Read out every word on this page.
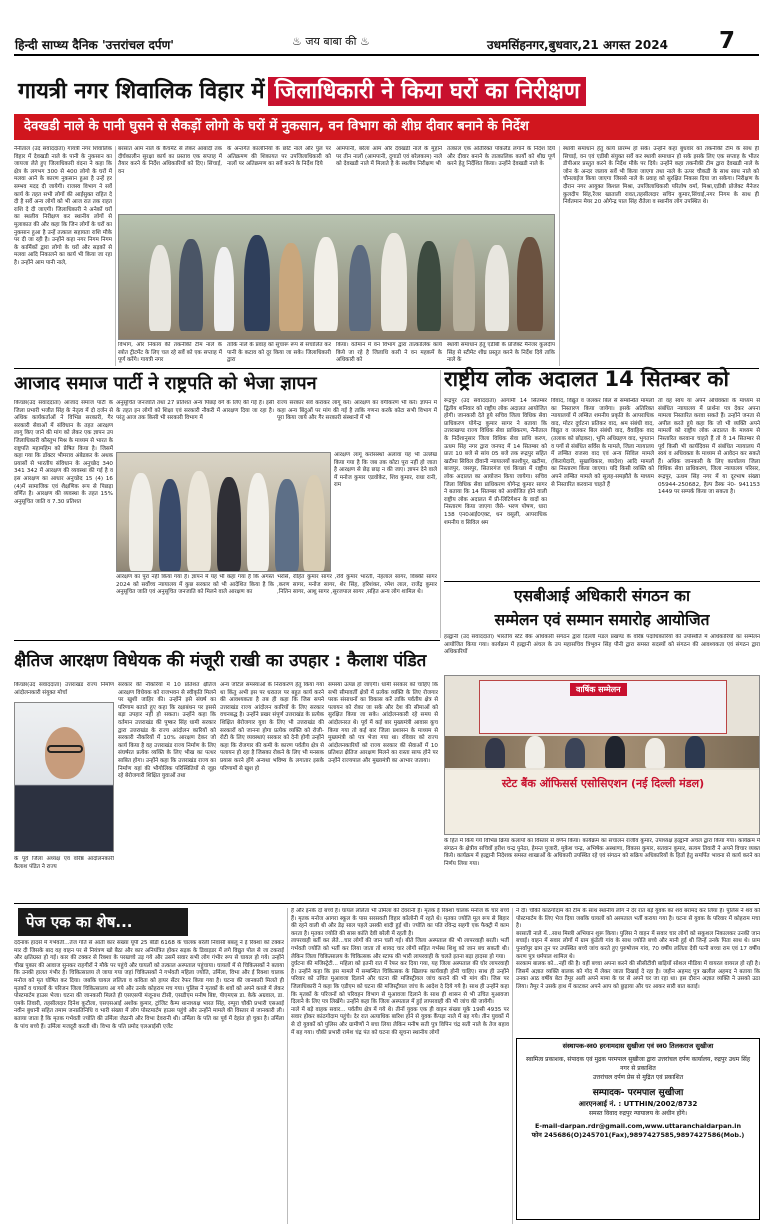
हिन्दी साप्ध्य दैनिक 'उत्तरांचल दर्पण'	♨ जय बाबा की ♨	उधमसिंहनगर,बुधवार,21 अगस्त 2024 7
गायत्री नगर शिवालिक विहार में जिलाधिकारी ने किया घरों का निरीक्षण
देवखडी नाले के पानी घुसने से सैकड़ों लोगो के घरों में नुकसान, वन विभाग को शीघ्र दीवार बनाने के निर्देश
नैनीताल (उद संवाददाता) गायत्री नगर शिवालिक विहार में देवखडी नाले के पानी के नुकसान का जायजा लेते हुए जिलाधिकारी वंदना ने कहा कि क्षेत्र के लगभग 300 से 400 लोगो के घरों में मलवा आने के कारण नुकसान हुआ है उन्हें हर सम्भव मदद दी जायेगी। राजस्व विभाग ने सर्वे कार्य के तहत सभी लोगों की आईसुक्त राहित दे दी है सर्वे अन्य लोगों को भी आज रात तक राहत राशि दे दी जाएगी। जिलाधिकारी ने अनेकों घरों का स्थलीय निरीक्षण कर स्थानीय लोगों से मुलाकात की और कहा कि जिन लोगों के घरों का नुकसान हुआ है उन्हें तत्काल सहायता राशि मौके पर दी जा रही है। उन्होंने कहा नगर निगम निगम के कार्मिकों द्वारा लोगो के घरों और सड़कों से मलवा आदि निकालने का कार्य भी किया जा रहा है। उन्होंने आम पानी नाले,
बरसात आम नाले के कैचमेंट से लेकर आबादी तक दीर्घकालीन सुरक्षा कार्य का प्रस्ताव एक सप्ताह में तैयार करने के निर्देश अधिकारियों को दिए। सिंचाई, वन
के अन्तर्गत कालोनियों के छोटे नाले और पुल पर अतिक्रमण की शिकायत पर उपजिलाधिकारी को नालों पर अतिक्रमण का सर्वे करने के निर्देश दिये
आमपानी, बरेला आम और देवखडी नाले के मुहाने पर तीन नालों (आमपानी, दुगाडो एवं बरेलकाम) नाले को देवखडी नाले में मिलाते है के स्थलीय निरीक्षण भी
तत्काल एक अतिरिक्त पोकलैंड लगाने के निर्देश दिये और दीवार बनाने के तात्कालिक कार्यों को शीघ्र पूर्ण करने हेतु निर्देशित किया। उन्होंने देवखडी नाले के
स्थायी समाधान हेतु कार्य प्रारम्भ हो सके। उन्होंने कहा बुधवार को तकनीकी टीम के साथ ही सिचाई, वन एवं एडीबी संयुक्त सर्वे कर स्थायी समाधान हो सके इसके लिए एक सप्ताह के भीतर डीपीआर प्रस्तुत करने के निर्देश मौके पर दिये। उन्होंने कहा तकनीकी टीम द्वारा देवखडी नाले के जोन के अन्दर जलाय सर्वे भी किया जाएगा तथा नाले के ऊपर चौकडी के साथ साथ नाले को चौनलाईज किया जाएगा जिससे नाले के प्रवाह को सुरक्षित निकास दिया जा सकेगा। निरीक्षण के दौरान नगर आयुक्त किशल मिश्रा, उपजिलाधिकारी परितोष वर्मा, मिश्रा,एडीबी प्रोजेक्ट मैनेजर कुलदीप सिंह,रेंजर खाताली रावत,तहसीलदार सचिन कुमार,सिंचाई,नगर निगम के साथ ही निर्वतमान मेयर 20 ओगेन्द्र पाल सिंह रौतेला व स्थानीय लोग उपस्थित थे।
विभाग, और निकाय की तकनीकी टीम नाले के स्त्रोत ट्रीटमेंट के लिए चल रहे सर्वे को एक सप्ताह में पूर्ण करेंगे। गायत्री नगर
तांकि नाले के प्रवाह को सुचारू रूप से संचालित कर पानी के कटाव को दूर किया जा सके। जिलाधिकारी द्वारा
किया। वर्तमान में वन विभाग द्वारा तात्कालिक कार्य किये जा रहे है जिलाधि कारी ने वन महकमें के अधिकारी को
स्थायी समाधान हेतु एडीबी के प्रोजेक्ट मैनेजर कुलदीप सिंह से स्टीमेट शीघ्र प्रस्तुत करने के निर्देश दिये ताकि नाले के
आजाद समाज पार्टी ने राष्ट्रपति को भेजा ज्ञापन
किच्छा(उद संवाददाता) आजाद समाज पार्टी के जिला प्रभारी भजीत सिंह के नेतृत्व में दो दर्जन से अधिक कार्यकर्ताओं ने विभिन्न सरकारी, गैर सरकारी सेवाओं में संविधान के तहत आरक्षण लागू किए जाने की मांग को लेकर एक ज्ञापन उप जिलाधिकारी कौस्तुभ मिश्र के माध्यम से भारत के राष्ट्रपति महामहिम को प्रेषित किया है। जिसमें कहा गया कि डॉक्टर भीमराव अंबेडकर के अथक प्रयासों से भारतीय संविधान के अनुच्छेद 340 341 342 में आरक्षण की व्यवस्था की गई है व इस आरक्षण का आधार अनुच्छेद 15 (4) 16 (4)में सामाजिक एवं शैक्षणिक रूप से पिछड़ा वर्णित है। आरक्षण की व्यवस्था के तहत 15% अनुसूचित जाति व 7.30 प्रतिशत
अनुसूचित जनजाति तथा 27 प्रतिशत अन्य पिछड़े वर्ग के लिए की गई है। इसी के तहत इन लोगों को शिक्षा एवं सरकारी नौकरी में आरक्षण दिया जा रहा है। परंतु आज तक किसी भी सरकारी विभाग में
आरक्षण का पूरा नहीं किया गया है। ज्ञापन में यह भी कहा गया है कि अगस्त 2024 को सर्वोच्च न्यायालय में कुछ सरकार को भी आदेशित किया है कि अनुसूचित जाति एवं अनुसूचित जनजाति को मिलने वाले आरक्षण का
राज्य सरकार सर्वे कराकर लागू करें। आरक्षण का वर्गीकरण भी करें। ज्ञापन में कहा अन्य बिंदुओं पर मांग की गई है ताकि गणना करके कोटा सभी विभाग में पूरा किया जाये और गैर सरकारी संस्थानों में भी
आरक्षण लागू करोसंस्थों अलावा यह भी उल्लेख किया गया है कि जब तक कोटा पूरा नहीं हो जाता है आरक्षण से छेड़ छाड़ न की जाए। ज्ञापन देने वाले में मनोज कुमार एडवोकेट, शिव कुमार, राधा रानी, राम
भरोसे, रोहित कुमार सागर ,रवि कुमार भारती, नेहलाल सागर, विक्की सागर ,करण सागर, मनोज सागर, शेर सिंह, हरिशंकर, रमेश लाल, राजेंद्र कुमार ,नितिन सागर, आशु सागर ,सूरजपाल सागर ,सहित अन्य लोग शामिल थे।
राष्ट्रीय लोक अदालत 14 सितम्बर को
रूद्रपुर (उद संवाददाता) आगामी 14 सितम्बर द्वितीय शनिवार को राष्ट्रीय लोक अदालत आयोजित होगी। जानकारी देते हुये सचिव जिला विधिक सेवा प्राधिकरण योगेन्द्र कुमार सागर ने बताया कि उत्तराखण्ड राज्य विधिक सेवा प्राधिकरण, नैनीताल के निर्देशानुसार जिला विधिक सेवा प्राधि करण, ऊधम सिंह नगर द्वारा जनपद में 14 सितम्बर को प्रातः 10 बजे से सांय 05 बजे तक रूद्रपुर सहित खटीमा सिविल दीवानी न्यायालयों काशीपुर, खटीमा, बाजपुर, जसपुर, सितारगंज एवं किच्छा में राष्ट्रीय लोक अदालत का आयोजन किया जायेगा। सचिव जिला विधिक सेवा प्राधिकरण योगेन्द्र कुमार सागर ने बताया कि 14 सितम्बर को आयोजित होने वाली राष्ट्रीय लोक अदालत में प्री-लिटिगेशन के वादों का निस्तारण किया जाएगा जैसे- भरण पोषण, धारा 138 एन0आई0एक्ट, धन वसूली, आपराधिक शमनीय व सिविल श्रम
विवाद, विद्युत व जलकर बिल से सम्बन्धित मामलों का निस्तारण किया जायेगा। इसके अतिरिक्त न्यायालयों में लम्बित शमनीय प्रकृति के आपराधिक वाद, मोटर दुर्घटना प्रतिकर वाद, श्रम संबंधी वाद, विद्युत व जलकर बिल संबंधी वाद, वैवाहिक वाद (तलाक को छोड़कर), भूमि अधिग्रहण वाद, भुगतान व पगों से संबंधित सर्विस के मामले, जिला न्यायालय में लम्बित राजस्व वाद एवं अन्य सिविल मामले (किरायेदारी, सुखाधिकार, व्यादेश) आदि मामलों का निस्तारण किया जाएगा। यदि किसी व्यक्ति को अपने लम्बित मामले को सुलह-समझौते के माध्यम से निस्तारित करवाना चाहते हैं
तो वह स्वयं या अपने अधिवक्ता के माध्यम से संबंधित न्यायालय में प्रार्थना पत्र देकर अपना मामला निस्तारित करवा सकते हैं। उन्होंने जनता से अपील करते हुये कहा कि जो भी व्यक्ति अपने मामलों को राष्ट्रीय लोक अदालत के माध्यम से निस्तारित करवाना चाहते हैं तो वे 14 सितम्बर से पूर्व किसी भी कार्यदिवस में संबंधित न्यायालय में स्वयं व अधिवक्ता के माध्यम से आवेदन कर सकते हैं। अधिक जानकारी के लिए कार्यालय जिला विधिक सेवा प्राधिकरण, जिला न्यायालय परिसर, रूद्रपुर, ऊधम सिंह नगर में या दूरभाष संख्या 05944-250682, हैल्प डैस्क नं0- 941153 1449 पर सम्पर्क किया जा सकता है।
एसबीआई अधिकारी संगठन का
सम्मेलन एवं सम्मान समारोह आयोजित
हल्द्वानी (उद संवाददाता) भारतीय स्टेट बैंक अधिकारी संगठन द्वारा दिल्ली मंडल प्रखण्ड के वरिष्ठ पदाधिकारियों की उपस्थिति में अधिकारियों का सम्मेलन आयोजित किया गया। कार्यक्रम में हल्द्वानी अंचल के उप महासचिव त्रिभुवन सिंह पौनी द्वारा समस्त सदस्यों को संगठन की आवश्यकता एवं संगठन द्वारा अधिकारियों
वार्षिक सम्मेलन
स्टेट बैंक ऑफिसर्स एसोसिएशन (नई दिल्ली मंडल)
के हित में किये गये विभिन्न क्रिया कलापों का विस्तार से वर्णन किया। कार्यक्रम का संचालन राजीव कुमार, उपाध्यक्ष हल्द्वानी अंचल द्वारा किया गया। कार्यक्रम में संगठन के क्षेत्रीय सचिवों हरीश चन्द्र पुनेठा, हेमन्त पुजारी, मुकेश चन्द्र, अभिषेक अस्थाणा, विकास कुमार, सतवान कुमार, सत्यम तिवारी ने अपने विचार व्यक्त किये। कार्यक्रम में हल्द्वानी निदेशक समस्त शाखाओं के अधिकारी उपस्थित रहे एवं संगठन को सक्रिय अधिकारियों के हितों हेतु समर्पित भावना से कार्य करने का निर्णय लिया गया।
क्षैतिज आरक्षण विधेयक की मंजूरी राखी का उपहार : कैलाश पंडित
किच्छा(उद संवाददाता) उत्तराखंड राज्य निर्माण आंदोलनकारी संयुक्त मोर्चा
के पूर्व जिला अध्यक्ष एवं वरिष्ठ आंदोलनकारी कैलाश पंडित ने राज्य
सरकार की नौकरियों में 10 प्रतिशत क्षैतिज आरक्षण विधेयक को राजभवन से स्वीकृति मिलने पर खुशी जाहिर की। उन्होंने इसे संघर्ष का परिणाम बताते हुए कहा कि रक्षाबंधन पर इससे बड़ा उपहार नहीं हो सकता। उन्होंने कहा कि वर्तमान उत्तराखंड की पुष्कर सिंह धामी सरकार द्वारा उत्तराखंड के राज्य आंदोलन कारियों को सरकारी नौकरियों में 10% आरक्षण देकर जो कार्य किया है वह उत्तराखंड राज्य निर्माण के लिए संघर्षरत प्रत्येक व्यक्ति के लिए भीख का पत्थर साबित होगा। उन्होंने कहा कि उत्तराखंड राज्य का निर्माण यहां की भौगोलिक परिस्थितियों से जूझ रहे बेरोजगारी शिक्षित युवाओं तथा
अन्य जटिल समस्याओं के निराकरण हेतु किया गया था किंतु अभी इस पर धरातल पर बहुत कार्य करने की आवश्यकता है तब ही कहा कि जिस सपने उत्तराखंड राज्य आंदोलन कारियों के लिए सरकार वचनबद्ध है। उन्होंने प्रखर संपूर्ण उत्तराखंड के प्रत्येक शिक्षित बेरोजगार युवा के लिए भी उत्तराखंड की सरकारों को जानना होगा प्रत्येक व्यक्ति को रोजी-रोटी के लिए व्यवस्थाएं सरकार को देनी होगी उन्होंने कहा कि रोजगार की कमी के कारण पर्वतीय क्षेत्र से पलायन हो रहा है जिसका रोकने के लिए भी मनसक प्रयास करने होंगे अन्यथा भविष्य के लगातार इसके परिणामों से खुश हो
समस्या उत्पन्न हो जाएगी। धामी सरकार को चाहिए कि सभी सीमावर्ती क्षेत्रों में प्रत्येक व्यक्ति के लिए रोजगार परक संसाधनों का विकास करें ताकि पर्वतीय क्षेत्र से पलायन को रोका जा सके और देश की सीमाओं को सुरक्षित किया जा सके। आंदोलनकारी रहे समय से आंदोलनरत थे। पूर्व में कई बार मुख्यमंत्री आवास कूच किया गया तो कई बार जिला प्रशासन के माध्यम से मुख्यमंत्री को पत्र भेजा गया था। रविवार को राज्य आंदोलनकारियों को राज्य सरकार की सेवाओं में 10 प्रतिशत क्षैतिज आरक्षण मिलने का रास्ता साफ होने पर उन्होंने राज्यपाल और मुख्यमंत्री का आभार जताया।
पेज एक का शेष...
दर्दनाक हादसे में गर्भवती...तेज गति से आती कार संख्या यूपी 25 बीडी 6168 के चालक बरेली निवासी बबलू ने ई रिक्शा को टक्कर मार दी जिसके बाद वह वाहन पर से नियंत्रण खो बैठा और कार अनियंत्रित होकर सड़क के डिवाइडर में लगे विद्युत पोल से जा टकराई और क्षतिग्रस्त हो गई। कार की टक्कर से रिक्शा के परखच्चे उड़ गये और उसमें सवार सभी लोग गंभीर रूप से घायल हो गये। उन्होंने चीख पुकार की आवाज सुनकर राहगीरों ने मौके पर पहुंचे और घायलों को तत्काल अस्पताल पहुंचाया। घायलों में से चिकित्सकों ने बताया कि उनकी हालत गंभीर है। चिकित्सालय ले जाया गया जहां चिकित्सकों ने गर्भवती महिला ज्योति, उर्मिला, विभा और ई रिक्शा चालक मनोज को मृत घोषित कर दिया। जबकि घायल ललिता व कविता को हायर सेंटर रेफर किया गया है। घटना की जानकारी मिलते ही मृतकों व घायलों के परिजन जिला चिकित्सालय आ गये और उनके कोहराम मच गया। पुलिस ने मृतकों के शवों को अपने कब्जे में लेकर पोस्टमार्टम हाउस भेजा। घटना की जानकारी मिलते ही एसएसपी मंजूनाथ टीसी, एसडीएम मनीष बिष्ट, पीएमएस डा. केके अग्रवाल, डा. एमके तिवारी, तहसीलदार दिनेश कुटौला, एसएसआई अशोक कुमार, ट्रांजिट कैम्प थानाध्यक्ष भारत सिंह, रम्पुरा चौकी प्रभारी एसआई नवीन बुधानी सहित तमाम जनप्रतिनिधि व भारी संख्या में लोग पोस्टमार्टम हाउस पहुंचे और उन्होंने मामले की विस्तार से जानकारी ली। बताया जाता है कि मृतक गर्भवती ज्योति की उर्मिला जेठानी और विभा देवरानी थी। उर्मिला के पति का पूर्व में देहांत हो चुका है। उर्मिला के पांच बच्चे हैं। उर्मिला मजदूरी करती थी। विभा के पति प्रमोद एलआईसी एजेंट
है और इनके दो बच्चे हैं। घायल ललिता भी उर्मिला की देवरानी है। मृतक ई रिक्शा चालक मनोज के चार बच्चे हैं। मृतक मनोज आगरा स्कूल के पास सरसवती विहार कॉलोनी में रहते थे। मृतका ज्योति मूल रूप से बिहार की रहने वाली थी और डेढ़ साल पहले उसकी शादी हुई थी। ज्योति का पति रविन्द्र सहगी एक फैक्ट्री में काम करता है। मृतका ज्योति की सास कांति देवी बरेली में रहती है।
लापरवाही बर्ती कर लेते...चार लोगों की जान चली गई। बीते जिला अस्पताल की भी लापरवाही बरती। भर्ती गर्भवती ज्योति को भर्ती कर लिया जाता तो शायद चार लोगों सहित गर्भस्थ शिशु को जान बच सकती थी। लेकिन जिला चिकित्सालय के चिकित्सक और स्टाफ की भारी लापरवाही के चलते इतना बड़ा हादसा हो गया।
दुर्घटना की मजिस्ट्रेटी... महिला को इतनी रात में रेफर कर दिया गया, यह जिला अस्पताल की घोर लापरवाही है। उन्होंने कहा कि इस मामले में सम्बन्धित चिकित्सक के खिलाफ कार्यवाही होनी चाहिए। साथ ही उन्होंने परिवार को उचित मुआवजा दिलाने और घटना की मजिस्ट्रीयल जांच कराने की भी मांग की। जिस पर जिलाधिकारी ने कहा कि एडीएम को घटना की मजिस्ट्रीयल जांच के आदेश दे दिये गये है। साथ ही उन्होंने कहा कि मृतकों के परिजनों को परिवहन विभाग से मुआवजा दिलाने के साथ ही शासन से भी उचित मुआवजा दिलाने के लिए पत्र लिखेंगे। उन्होंने कहा कि जिला अस्पताल में हुई लापरवाही की भी जांच की जायेगी।
नाले में बड़े वाहक सवार... पर्वतीय क्षेत्र में गये थे। तीनों युवक एक ही वाहन संख्या यूके 19सी 4935 पर सवार होकर कांठगोदाम पहुंचे। देर रात अत्याधिक बारिश होने से युवक कैंपड़ा नाले में बह गये। तीन युवकों में से दो युवकों को पुलिस और ग्रामीणों ने बचा लिया लेकिन मनीष सती पुत्र विपिन चंद्र सती नाले के तेज बहाव में बह गया। चौकी प्रभारी रामेश चंद्र पंत को घटना की सूचना स्थानीय लोगों
ने दी। चौकी कांठगोदाम की टीम के साथ स्थानीय लोग ने देर रात बड़े युवक का शव बरामद कर लिया है। पुलिस ने शव को पोस्टमार्टम के लिए भेज दिया जबकि घायलों को अस्पताल भर्ती कराया गया है। घटना से युवक के परिवार में कोहराम मचा है।
बरसाती नाले में...साथ मिस्त्री अभियान शुरू किया। पुलिस ने वाहन में सवार चार लोगों को सकुशल निकालकर उनकी जान बचाई। वाहन में सवार लोगों में ग्राम कुंडेली गांव के साथ ज्योति बच्चे और मानी हुई थी जिन्हें उनके पिता साथ थे। प्राम पुनर्वापुर ग्राम तुन पर उपस्थित बच्चे जांच करते हुए पुरुषोत्तम गांव, 70 वर्षीय ललिता देवी पत्नी बच्चा राम एवं 17 वर्षीय करण पुत्र धर्मपाल शामिल थे।
सरकाम बालक को...नहीं की है। वहीं बच्चा अपना करने की सीसीटीवी बाड़ियों सोशल मीडिया में वायरल वायरल हो रही है। जिसमें अज्ञात व्यक्ति बालक को गोद में लेकर जाता दिखाई दे रहा है। जहीन अहमद पुत्र खलील अहमद ने बताया कि उनका आठ वर्षीय बेटा तैमूर अली अपने मामा के घर से अपने घर जा रहा था। इस दौरान अज्ञात व्यक्ति ने उसको उठा लिया। तैमूर ने उसके हाथ में काटकर अपने आप को छुड़ाया और घर आकर सारी बात बताई।
संस्थापक-स्व0 हरनामदास सुखीजा एवं स्व0 तिलकराज सुखीजा
स्वामित्व प्रकाशक, संपादक एवं मुद्रक परमपाल सुखीजा द्वारा उत्तरांचल दर्पण कार्यालय, रुद्रपुर उधम सिंह नगर से प्रकाशित
उत्तरांचल दर्पण प्रेस से मुद्रित एवं प्रकाशित
सम्पादक- परमपाल सुखीजा
आरएनआई नं. : UTTHIN/2002/8732
समस्त विवाद रुद्रपुर न्यायालय के अधीन होंगे।
E-mail-darpan.rdr@gmail.com,www.uttaranchaldarpan.in
फोन 245686(O)245701(Fax),9897427585,9897427586(Mob.)
